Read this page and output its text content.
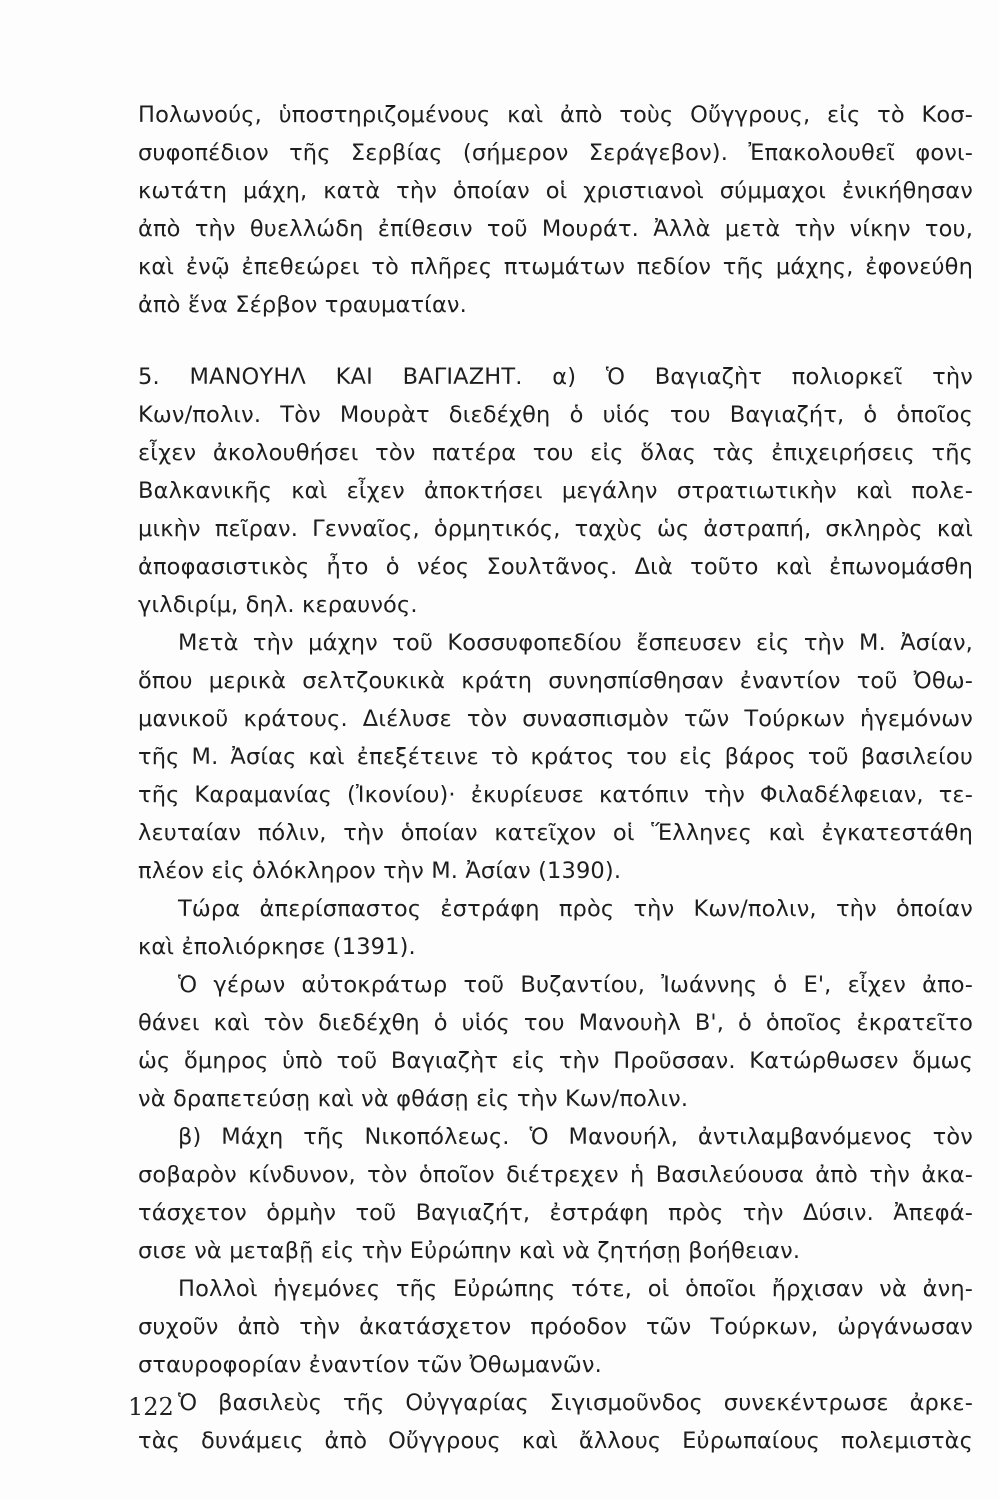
Πολωνούς, ὑποστηριζομένους καὶ ἀπὸ τοὺς Οὔγγρους, εἰς τὸ Κοσ-
συφοπέδιον τῆς Σερβίας (σήμερον Σεράγεβον). Ἐπακολουθεῖ φονι-
κωτάτη μάχη, κατὰ τὴν ὁποίαν οἱ χριστιανοὶ σύμμαχοι ἐνικήθησαν
ἀπὸ τὴν θυελλώδη ἐπίθεσιν τοῦ Μουράτ. Ἀλλὰ μετὰ τὴν νίκην του,
καὶ ἐνῷ ἐπεθεώρει τὸ πλῆρες πτωμάτων πεδίον τῆς μάχης, ἐφονεύθη
ἀπὸ ἕνα Σέρβον τραυματίαν.
5. ΜΑΝΟΥΗΛ ΚΑΙ ΒΑΓΙΑΖΗΤ. α) Ὁ Βαγιαζὴτ πολιορκεῖ τὴν
Κων/πολιν. Τὸν Μουρὰτ διεδέχθη ὁ υἱός του Βαγιαζήτ, ὁ ὁποῖος
εἶχεν ἀκολουθήσει τὸν πατέρα του εἰς ὅλας τὰς ἐπιχειρήσεις τῆς
Βαλκανικῆς καὶ εἶχεν ἀποκτήσει μεγάλην στρατιωτικὴν καὶ πολε-
μικὴν πεῖραν. Γενναῖος, ὁρμητικός, ταχὺς ὡς ἀστραπή, σκληρὸς καὶ
ἀποφασιστικὸς ἦτο ὁ νέος Σουλτᾶνος. Διὰ τοῦτο καὶ ἐπωνομάσθη
γιλδιρίμ, δηλ. κεραυνός.
Μετὰ τὴν μάχην τοῦ Κοσσυφοπεδίου ἔσπευσεν εἰς τὴν Μ. Ἀσίαν,
ὅπου μερικὰ σελτζουκικὰ κράτη συνησπίσθησαν ἐναντίον τοῦ Ὀθω-
μανικοῦ κράτους. Διέλυσε τὸν συνασπισμὸν τῶν Τούρκων ἡγεμόνων
τῆς Μ. Ἀσίας καὶ ἐπεξέτεινε τὸ κράτος του εἰς βάρος τοῦ βασιλείου
τῆς Καραμανίας (Ἰκονίου)· ἐκυρίευσε κατόπιν τὴν Φιλαδέλφειαν, τε-
λευταίαν πόλιν, τὴν ὁποίαν κατεῖχον οἱ Ἕλληνες καὶ ἐγκατεστάθη
πλέον εἰς ὁλόκληρον τὴν Μ. Ἀσίαν (1390).
Τώρα ἀπερίσπαστος ἐστράφη πρὸς τὴν Κων/πολιν, τὴν ὁποίαν
καὶ ἐπολιόρκησε (1391).
Ὁ γέρων αὐτοκράτωρ τοῦ Βυζαντίου, Ἰωάννης ὁ Ε', εἶχεν ἀπο-
θάνει καὶ τὸν διεδέχθη ὁ υἱός του Μανουὴλ Β', ὁ ὁποῖος ἐκρατεῖτο
ὡς ὅμηρος ὑπὸ τοῦ Βαγιαζὴτ εἰς τὴν Προῦσσαν. Κατώρθωσεν ὅμως
νὰ δραπετεύσῃ καὶ νὰ φθάσῃ εἰς τὴν Κων/πολιν.
β) Μάχη τῆς Νικοπόλεως. Ὁ Μανουήλ, ἀντιλαμβανόμενος τὸν
σοβαρὸν κίνδυνον, τὸν ὁποῖον διέτρεχεν ἡ Βασιλεύουσα ἀπὸ τὴν ἀκα-
τάσχετον ὁρμὴν τοῦ Βαγιαζήτ, ἐστράφη πρὸς τὴν Δύσιν. Ἀπεφά-
σισε νὰ μεταβῇ εἰς τὴν Εὐρώπην καὶ νὰ ζητήσῃ βοήθειαν.
Πολλοὶ ἡγεμόνες τῆς Εὐρώπης τότε, οἱ ὁποῖοι ἤρχισαν νὰ ἀνη-
συχοῦν ἀπὸ τὴν ἀκατάσχετον πρόοδον τῶν Τούρκων, ὠργάνωσαν
σταυροφορίαν ἐναντίον τῶν Ὀθωμανῶν.
Ὁ βασιλεὺς τῆς Οὐγγαρίας Σιγισμοῦνδος συνεκέντρωσε ἀρκε-
τὰς δυνάμεις ἀπὸ Οὔγγρους καὶ ἄλλους Εὐρωπαίους πολεμιστὰς
122
